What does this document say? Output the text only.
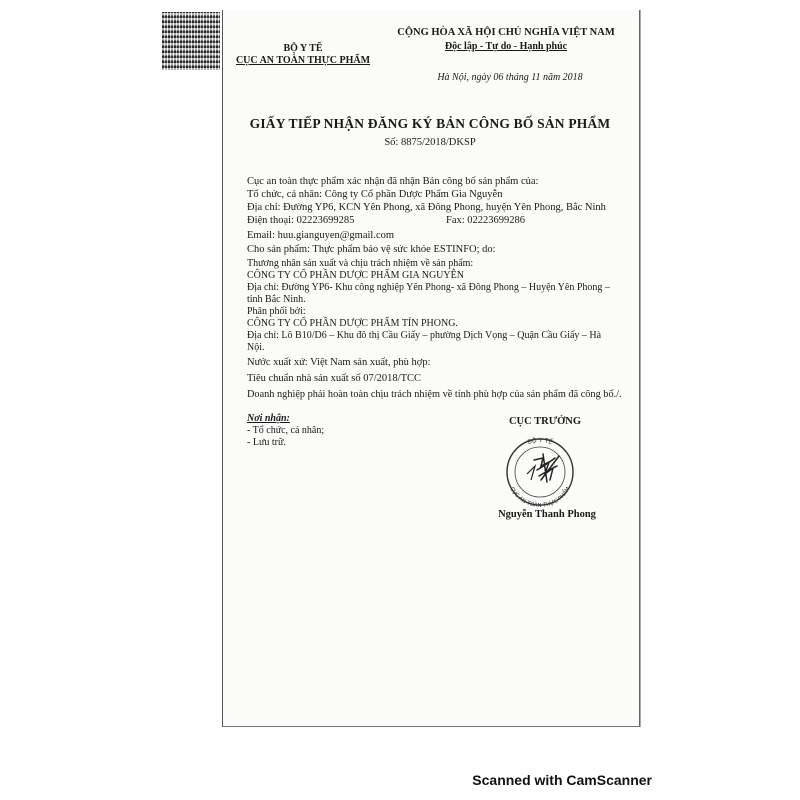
BỘ Y TẾ
CỤC AN TOÀN THỰC PHẨM
CỘNG HÒA XÃ HỘI CHỦ NGHĨA VIỆT NAM
Độc lập - Tự do - Hạnh phúc
Hà Nội, ngày 06 tháng 11 năm 2018
GIẤY TIẾP NHẬN ĐĂNG KÝ BẢN CÔNG BỐ SẢN PHẨM
Số: 8875/2018/DKSP
Cục an toàn thực phẩm xác nhận đã nhận Bản công bố sản phẩm của:
Tổ chức, cá nhân: Công ty Cổ phần Dược Phẩm Gia Nguyễn
Địa chỉ: Đường YP6, KCN Yên Phong, xã Đông Phong, huyện Yên Phong, Bắc Ninh
Điện thoại: 02223699285	Fax: 02223699286
Email: huu.gianguyen@gmail.com
Cho sản phẩm: Thực phẩm bảo vệ sức khỏe ESTINFO; do:
Thương nhân sản xuất và chịu trách nhiệm về sản phẩm:
CÔNG TY CỔ PHẦN DƯỢC PHẨM GIA NGUYỄN
Địa chỉ: Đường YP6- Khu công nghiệp Yên Phong- xã Đông Phong – Huyện Yên Phong –
tỉnh Bắc Ninh.
Phân phối bởi:
CÔNG TY CỔ PHẦN DƯỢC PHẨM TÍN PHONG.
Địa chỉ: Lô B10/D6 – Khu đô thị Cầu Giấy – phường Dịch Vọng – Quận Cầu Giấy – Hà
Nội.
Nước xuất xứ: Việt Nam sản xuất, phù hợp:
Tiêu chuẩn nhà sản xuất số 07/2018/TCC
Doanh nghiệp phải hoàn toàn chịu trách nhiệm về tính phù hợp của sản phẩm đã công bố./.
Nơi nhận:
- Tổ chức, cá nhân;
- Lưu trữ.
CỤC TRƯỞNG
BỘ Y TẾ
CỤC AN TOÀN THỰC PHẨM
Nguyễn Thanh Phong
Scanned with CamScanner
